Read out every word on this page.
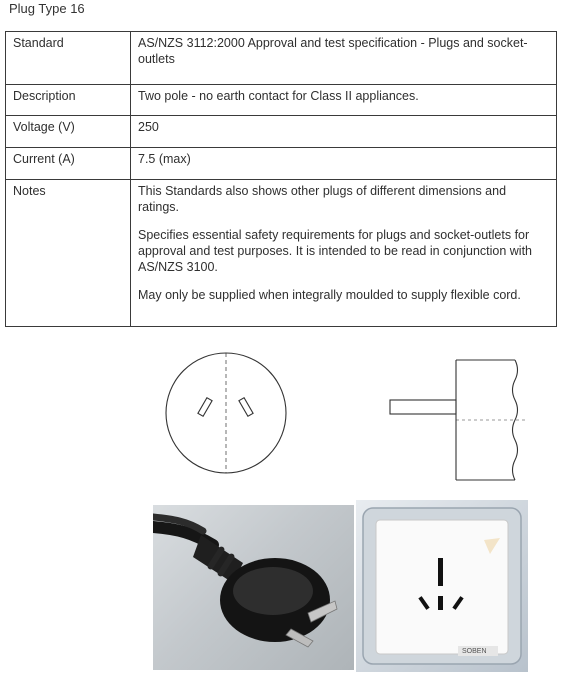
Plug Type 16
Standard	AS/NZS 3112:2000 Approval and test specification - Plugs and socket-outlets
Description	Two pole - no earth contact for Class II appliances.
Voltage (V)	250
Current (A)	7.5 (max)
Notes	This Standards also shows other plugs of different dimensions and ratings.

Specifies essential safety requirements for plugs and socket-outlets for approval and test purposes. It is intended to be read in conjunction with AS/NZS 3100.

May only be supplied when integrally moulded to supply flexible cord.

SOBEN
